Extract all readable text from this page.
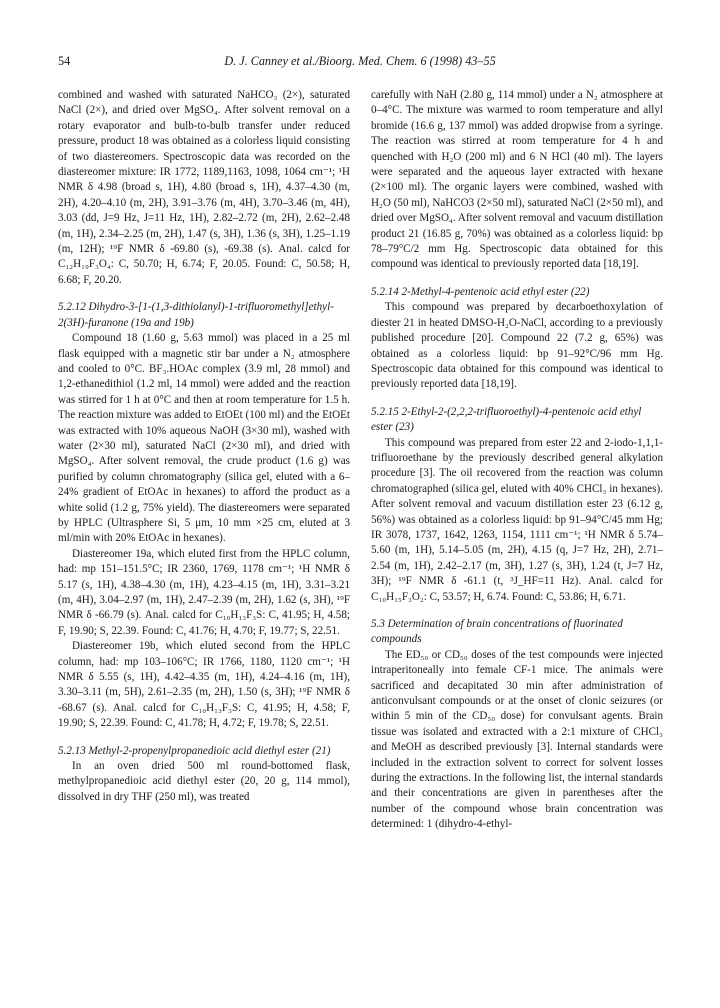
54	D. J. Canney et al./Bioorg. Med. Chem. 6 (1998) 43–55

combined and washed with saturated NaHCO₃ (2×), saturated NaCl (2×), and dried over MgSO₄. After solvent removal on a rotary evaporator and bulb-to-bulb transfer under reduced pressure, product 18 was obtained as a colorless liquid consisting of two diastereomers. Spectroscopic data was recorded on the diastereomer mixture: IR 1772, 1189,1163, 1098, 1064 cm⁻¹; ¹H NMR δ 4.98 (broad s, 1H), 4.80 (broad s, 1H), 4.37–4.30 (m, 2H), 4.20–4.10 (m, 2H), 3.91–3.76 (m, 4H), 3.70–3.46 (m, 4H), 3.03 (dd, J=9 Hz, J=11 Hz, 1H), 2.82–2.72 (m, 2H), 2.62–2.48 (m, 1H), 2.34–2.25 (m, 2H), 1.47 (s, 3H), 1.36 (s, 3H), 1.25–1.19 (m, 12H); ¹⁹F NMR δ -69.80 (s), -69.38 (s). Anal. calcd for C₁₂H₁₉F₃O₄: C, 50.70; H, 6.74; F, 20.05. Found: C, 50.58; H, 6.68; F, 20.20.

5.2.12 Dihydro-3-[1-(1,3-dithiolanyl)-1-trifluoromethyl]ethyl-2(3H)-furanone (19a and 19b)

Compound 18 (1.60 g, 5.63 mmol) was placed in a 25 ml flask equipped with a magnetic stir bar under a N₂ atmosphere and cooled to 0°C. BF₃.HOAc complex (3.9 ml, 28 mmol) and 1,2-ethanedithiol (1.2 ml, 14 mmol) were added and the reaction was stirred for 1 h at 0°C and then at room temperature for 1.5 h. The reaction mixture was added to EtOEt (100 ml) and the EtOEt was extracted with 10% aqueous NaOH (3×30 ml), washed with water (2×30 ml), saturated NaCl (2×30 ml), and dried with MgSO₄. After solvent removal, the crude product (1.6 g) was purified by column chromatography (silica gel, eluted with a 6–24% gradient of EtOAc in hexanes) to afford the product as a white solid (1.2 g, 75% yield). The diastereomers were separated by HPLC (Ultrasphere Si, 5 μm, 10 mm ×25 cm, eluted at 3 ml/min with 20% EtOAc in hexanes).

Diastereomer 19a, which eluted first from the HPLC column, had: mp 151–151.5°C; IR 2360, 1769, 1178 cm⁻¹; ¹H NMR δ 5.17 (s, 1H), 4.38–4.30 (m, 1H), 4.23–4.15 (m, 1H), 3.31–3.21 (m, 4H), 3.04–2.97 (m, 1H), 2.47–2.39 (m, 2H), 1.62 (s, 3H), ¹⁹F NMR δ -66.79 (s). Anal. calcd for C₁₀H₁₃F₃S: C, 41.95; H, 4.58; F, 19.90; S, 22.39. Found: C, 41.76; H, 4.70; F, 19.77; S, 22.51.

Diastereomer 19b, which eluted second from the HPLC column, had: mp 103–106°C; IR 1766, 1180, 1120 cm⁻¹; ¹H NMR δ 5.55 (s, 1H), 4.42–4.35 (m, 1H), 4.24–4.16 (m, 1H), 3.30–3.11 (m, 5H), 2.61–2.35 (m, 2H), 1.50 (s, 3H); ¹⁹F NMR δ -68.67 (s). Anal. calcd for C₁₀H₁₃F₃S: C, 41.95; H, 4.58; F, 19.90; S, 22.39. Found: C, 41.78; H, 4.72; F, 19.78; S, 22.51.

5.2.13 Methyl-2-propenylpropanedioic acid diethyl ester (21)

In an oven dried 500 ml round-bottomed flask, methylpropanedioic acid diethyl ester (20, 20 g, 114 mmol), dissolved in dry THF (250 ml), was treated

carefully with NaH (2.80 g, 114 mmol) under a N₂ atmosphere at 0–4°C. The mixture was warmed to room temperature and allyl bromide (16.6 g, 137 mmol) was added dropwise from a syringe. The reaction was stirred at room temperature for 4 h and quenched with H₂O (200 ml) and 6 N HCl (40 ml). The layers were separated and the aqueous layer extracted with hexane (2×100 ml). The organic layers were combined, washed with H₂O (50 ml), NaHCO3 (2×50 ml), saturated NaCl (2×50 ml), and dried over MgSO₄. After solvent removal and vacuum distillation product 21 (16.85 g, 70%) was obtained as a colorless liquid: bp 78–79°C/2 mm Hg. Spectroscopic data obtained for this compound was identical to previously reported data [18,19].

5.2.14 2-Methyl-4-pentenoic acid ethyl ester (22)

This compound was prepared by decarboethoxylation of diester 21 in heated DMSO-H₂O-NaCl, according to a previously published procedure [20]. Compound 22 (7.2 g, 65%) was obtained as a colorless liquid: bp 91–92°C/96 mm Hg. Spectroscopic data obtained for this compound was identical to previously reported data [18,19].

5.2.15 2-Ethyl-2-(2,2,2-trifluoroethyl)-4-pentenoic acid ethyl ester (23)

This compound was prepared from ester 22 and 2-iodo-1,1,1-trifluoroethane by the previously described general alkylation procedure [3]. The oil recovered from the reaction was column chromatographed (silica gel, eluted with 40% CHCl₃ in hexanes). After solvent removal and vacuum distillation ester 23 (6.12 g, 56%) was obtained as a colorless liquid: bp 91–94°C/45 mm Hg; IR 3078, 1737, 1642, 1263, 1154, 1111 cm⁻¹; ¹H NMR δ 5.74–5.60 (m, 1H), 5.14–5.05 (m, 2H), 4.15 (q, J=7 Hz, 2H), 2.71–2.54 (m, 1H), 2.42–2.17 (m, 3H), 1.27 (s, 3H), 1.24 (t, J=7 Hz, 3H); ¹⁹F NMR δ -61.1 (t, ³J_HF=11 Hz). Anal. calcd for C₁₀H₁₅F₃O₂: C, 53.57; H, 6.74. Found: C, 53.86; H, 6.71.

5.3 Determination of brain concentrations of fluorinated compounds

The ED₅₀ or CD₅₀ doses of the test compounds were injected intraperitoneally into female CF-1 mice. The animals were sacrificed and decapitated 30 min after administration of anticonvulsant compounds or at the onset of clonic seizures (or within 5 min of the CD₅₀ dose) for convulsant agents. Brain tissue was isolated and extracted with a 2:1 mixture of CHCl₃ and MeOH as described previously [3]. Internal standards were included in the extraction solvent to correct for solvent losses during the extractions. In the following list, the internal standards and their concentrations are given in parentheses after the number of the compound whose brain concentration was determined: 1 (dihydro-4-ethyl-
